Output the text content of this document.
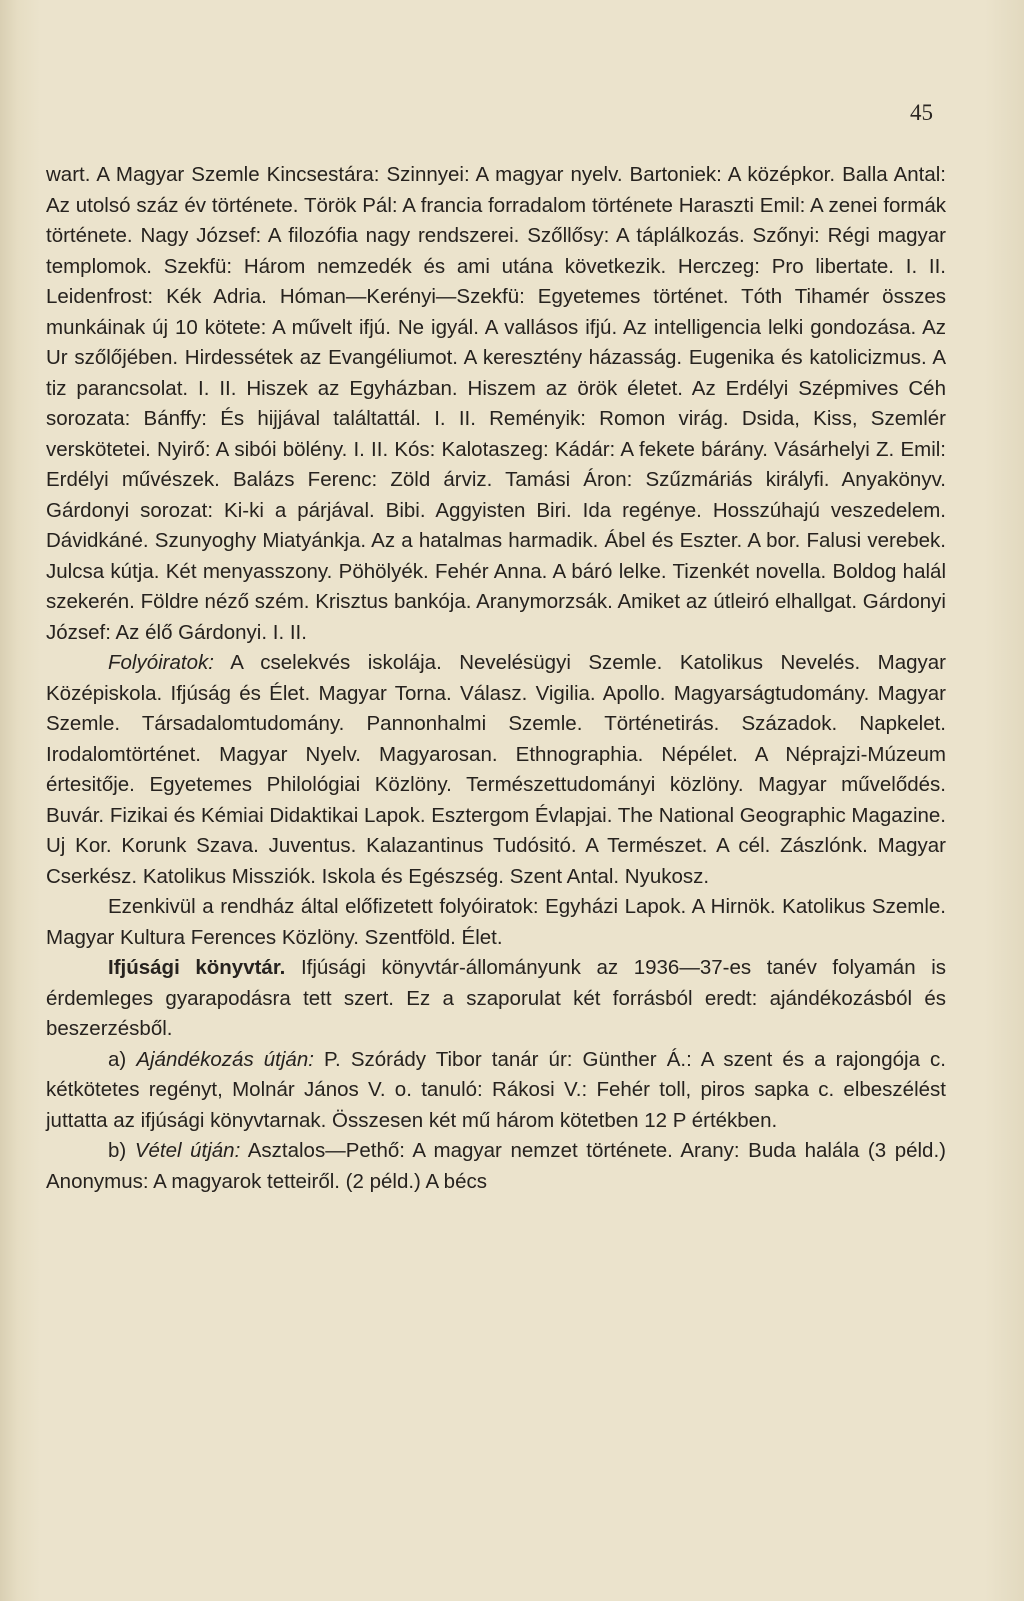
45

wart. A Magyar Szemle Kincsestára: Szinnyei: A magyar nyelv. Bartoniek: A középkor. Balla Antal: Az utolsó száz év története. Török Pál: A francia forradalom története Haraszti Emil: A zenei formák története. Nagy József: A filozófia nagy rendszerei. Szőllősy: A táplálkozás. Szőnyi: Régi magyar templomok. Szekfü: Három nemzedék és ami utána következik. Herczeg: Pro libertate. I. II. Leidenfrost: Kék Adria. Hóman—Kerényi—Szekfü: Egyetemes történet. Tóth Tihamér összes munkáinak új 10 kötete: A művelt ifjú. Ne igyál. A vallásos ifjú. Az intelligencia lelki gondozása. Az Ur szőlőjében. Hirdessétek az Evangéliumot. A keresztény házasság. Eugenika és katolicizmus. A tiz parancsolat. I. II. Hiszek az Egyházban. Hiszem az örök életet. Az Erdélyi Szépmives Céh sorozata: Bánffy: És hijjával találtattál. I. II. Reményik: Romon virág. Dsida, Kiss, Szemlér verskötetei. Nyirő: A sibói bölény. I. II. Kós: Kalotaszeg: Kádár: A fekete bárány. Vásárhelyi Z. Emil: Erdélyi művészek. Balázs Ferenc: Zöld árviz. Tamási Áron: Szűzmáriás királyfi. Anyakönyv. Gárdonyi sorozat: Ki-ki a párjával. Bibi. Aggyisten Biri. Ida regénye. Hosszúhajú veszedelem. Dávidkáné. Szunyoghy Miatyánkja. Az a hatalmas harmadik. Ábel és Eszter. A bor. Falusi verebek. Julcsa kútja. Két menyasszony. Pöhölyék. Fehér Anna. A báró lelke. Tizenkét novella. Boldog halál szekerén. Földre néző szém. Krisztus bankója. Aranymorzsák. Amiket az útleiró elhallgat. Gárdonyi József: Az élő Gárdonyi. I. II.

Folyóiratok: A cselekvés iskolája. Nevelésügyi Szemle. Katolikus Nevelés. Magyar Középiskola. Ifjúság és Élet. Magyar Torna. Válasz. Vigilia. Apollo. Magyarságtudomány. Magyar Szemle. Társadalomtudomány. Pannonhalmi Szemle. Történetirás. Századok. Napkelet. Irodalomtörténet. Magyar Nyelv. Magyarosan. Ethnographia. Népélet. A Néprajzi-Múzeum értesitője. Egyetemes Philológiai Közlöny. Természettudományi közlöny. Magyar művelődés. Buvár. Fizikai és Kémiai Didaktikai Lapok. Esztergom Évlapjai. The National Geographic Magazine. Uj Kor. Korunk Szava. Juventus. Kalazantinus Tudósitó. A Természet. A cél. Zászlónk. Magyar Cserkész. Katolikus Missziók. Iskola és Egészség. Szent Antal. Nyukosz.

Ezenkivül a rendház által előfizetett folyóiratok: Egyházi Lapok. A Hirnök. Katolikus Szemle. Magyar Kultura Ferences Közlöny. Szentföld. Élet.

Ifjúsági könyvtár. Ifjúsági könyvtár-állományunk az 1936—37-es tanév folyamán is érdemleges gyarapodásra tett szert. Ez a szaporulat két forrásból eredt: ajándékozásból és beszerzésből.

a) Ajándékozás útján: P. Szórády Tibor tanár úr: Günther Á.: A szent és a rajongója c. kétkötetes regényt, Molnár János V. o. tanuló: Rákosi V.: Fehér toll, piros sapka c. elbeszélést juttatta az ifjúsági könyvtarnak. Összesen két mű három kötetben 12 P értékben.

b) Vétel útján: Asztalos—Pethő: A magyar nemzet története. Arany: Buda halála (3 péld.) Anonymus: A magyarok tetteiről. (2 péld.) A bécs
